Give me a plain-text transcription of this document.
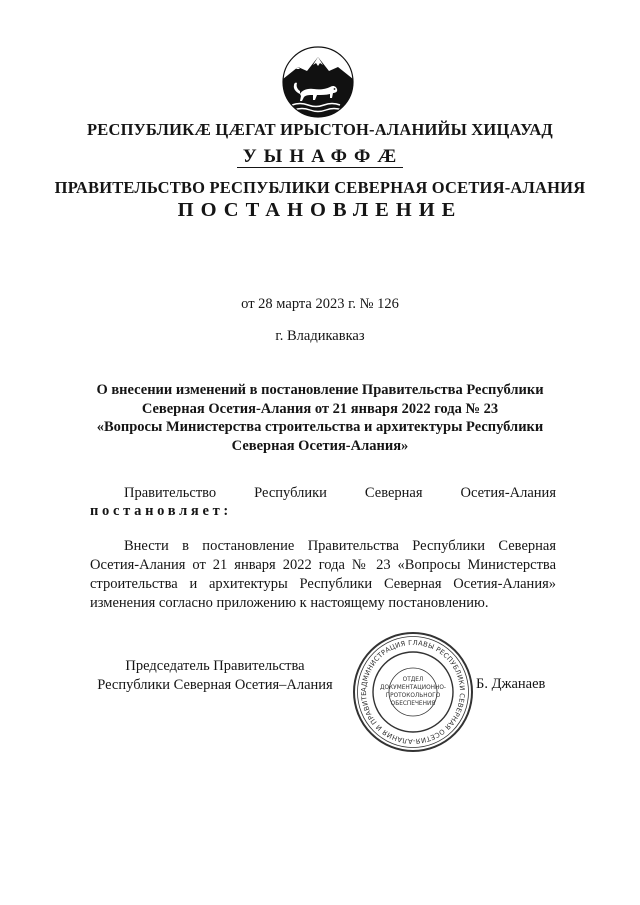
РЕСПУБЛИКÆ ЦÆГАТ ИРЫСТОН-АЛАНИЙЫ ХИЦАУАД
УЫНАФФÆ
ПРАВИТЕЛЬСТВО РЕСПУБЛИКИ СЕВЕРНАЯ ОСЕТИЯ-АЛАНИЯ
ПОСТАНОВЛЕНИЕ
от 28 марта 2023 г. № 126
г. Владикавказ
О внесении изменений в постановление Правительства Республики
Северная Осетия-Алания от 21 января 2022 года № 23
«Вопросы Министерства строительства и архитектуры Республики
Северная Осетия-Алания»
Правительство Республики Северная Осетия-Алания
постановляет:
Внести в постановление Правительства Республики Северная Осетия-Алания от 21 января 2022 года № 23 «Вопросы Министерства строительства и архитектуры Республики Северная Осетия-Алания» изменения согласно приложению к настоящему постановлению.
Председатель Правительства
Республики Северная Осетия–Алания	Б. Джанаев
АДМИНИСТРАЦИЯ ГЛАВЫ РЕСПУБЛИКИ СЕВЕРНАЯ ОСЕТИЯ-АЛАНИЯ И ПРАВИТЕ
ОТДЕЛ
ДОКУМЕНТАЦИОННО-
ПРОТОКОЛЬНОГО
ОБЕСПЕЧЕНИЯ
